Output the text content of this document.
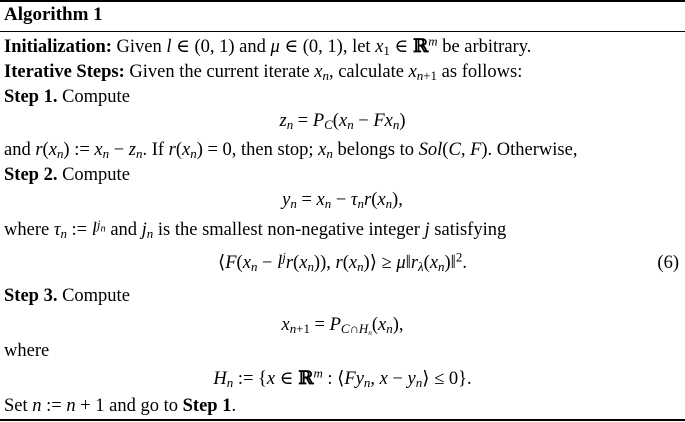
Algorithm 1
Initialization: Given l ∈ (0, 1) and μ ∈ (0, 1), let $x_1$ ∈ ℝ$^m$ be arbitrary.
Iterative Steps: Given the current iterate $x_n$, calculate $x_{n+1}$ as follows:
Step 1. Compute
$z_n = P_C(x_n - Fx_n)$
and $r(x_n)$ := $x_n - z_n$. If $r(x_n) = 0$, then stop; $x_n$ belongs to Sol(C, F). Otherwise,
Step 2. Compute
$y_n = x_n - \tau_nr(x_n)$,
where $\tau_n$ := $l^{j_n}$ and $j_n$ is the smallest non-negative integer j satisfying
$⟨F(x_n - l^jr(x_n))$, $r(x_n)⟩$ ≥ $\mu‖r_\lambda(x_n)‖^2$.	(6)
Step 3. Compute
$x_{n+1} = P_{C\cap H_n}(x_n)$,
where
$H_n$ := {x ∈ ℝ$^m$ : $⟨Fy_n$, $x - y_n⟩ \le 0$}.
Set n := n + 1 and go to Step 1.
